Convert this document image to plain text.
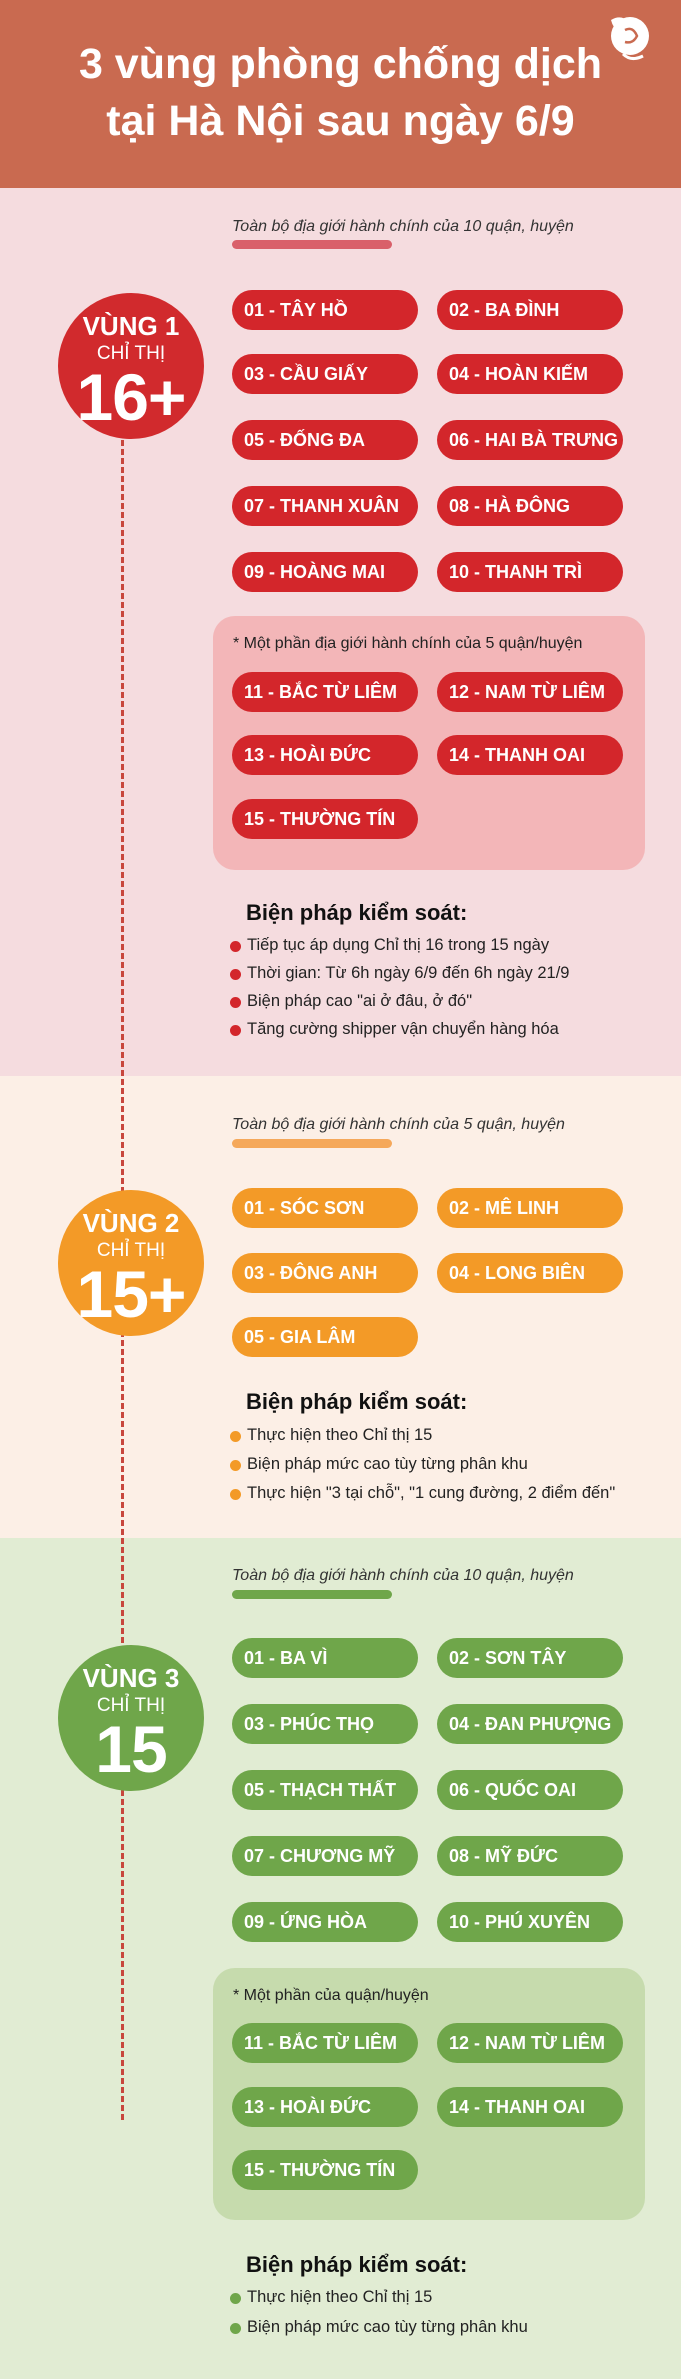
3 vùng phòng chống dịch
tại Hà Nội sau ngày 6/9
Toàn bộ địa giới hành chính của 10 quận, huyện
VÙNG 1
CHỈ THỊ
16+
01 - TÂY HỒ	02 - BA ĐÌNH
03 - CẦU GIẤY	04 - HOÀN KIẾM
05 - ĐỐNG ĐA	06 - HAI BÀ TRƯNG
07 - THANH XUÂN	08 - HÀ ĐÔNG
09 - HOÀNG MAI	10 - THANH TRÌ
* Một phần địa giới hành chính của 5 quận/huyện
11 - BẮC TỪ LIÊM	12 - NAM TỪ LIÊM
13 - HOÀI ĐỨC	14 - THANH OAI
15 - THƯỜNG TÍN
Biện pháp kiểm soát:
Tiếp tục áp dụng Chỉ thị 16 trong 15 ngày
Thời gian: Từ 6h ngày 6/9 đến 6h ngày 21/9
Biện pháp cao "ai ở đâu, ở đó"
Tăng cường shipper vận chuyển hàng hóa
Toàn bộ địa giới hành chính của 5 quận, huyện
VÙNG 2
CHỈ THỊ
15+
01 - SÓC SƠN	02 - MÊ LINH
03 - ĐÔNG ANH	04 - LONG BIÊN
05 - GIA LÂM
Biện pháp kiểm soát:
Thực hiện theo Chỉ thị 15
Biện pháp mức cao tùy từng phân khu
Thực hiện "3 tại chỗ", "1 cung đường, 2 điểm đến"
Toàn bộ địa giới hành chính của 10 quận, huyện
VÙNG 3
CHỈ THỊ
15
01 - BA VÌ	02 - SƠN TÂY
03 - PHÚC THỌ	04 - ĐAN PHƯỢNG
05 - THẠCH THẤT	06 - QUỐC OAI
07 - CHƯƠNG MỸ	08 - MỸ ĐỨC
09 - ỨNG HÒA	10 - PHÚ XUYÊN
* Một phần của quận/huyện
11 - BẮC TỪ LIÊM	12 - NAM TỪ LIÊM
13 - HOÀI ĐỨC	14 - THANH OAI
15 - THƯỜNG TÍN
Biện pháp kiểm soát:
Thực hiện theo Chỉ thị 15
Biện pháp mức cao tùy từng phân khu
